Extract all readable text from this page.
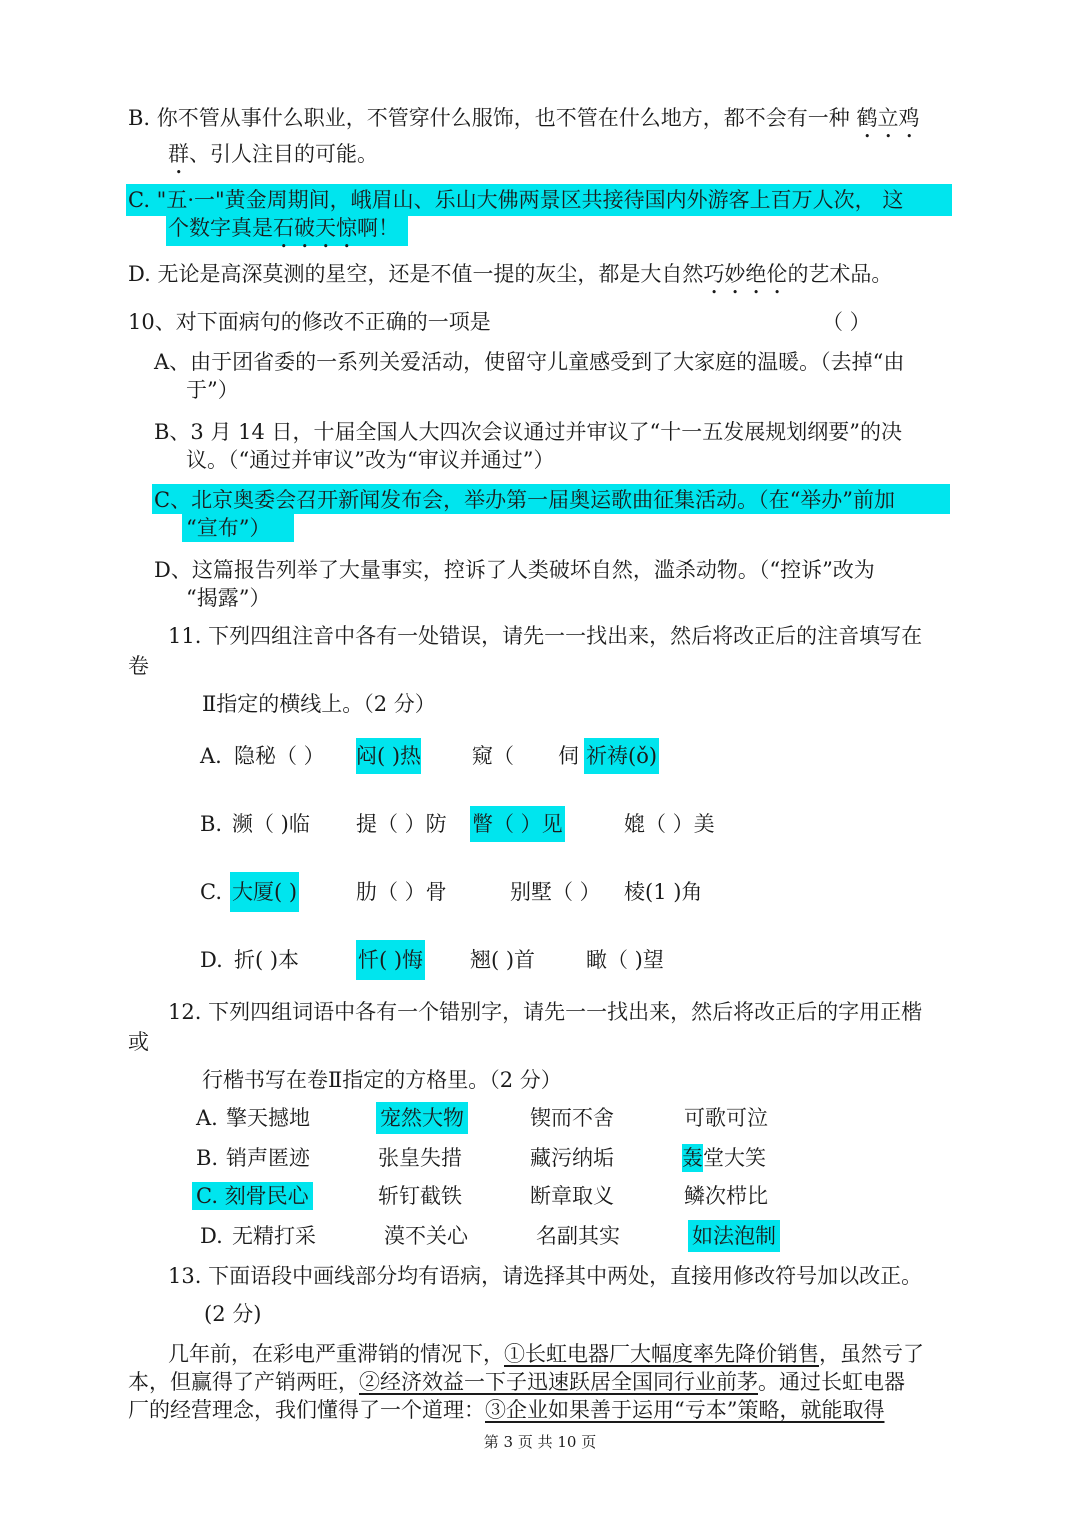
B. 你不管从事什么职业，不管穿什么服饰，也不管在什么地方，都不会有一种 鹤立鸡
群、引人注目的可能。
C. "五·一"黄金周期间，峨眉山、乐山大佛两景区共接待国内外游客上百万人次， 这
个数字真是石破天惊啊！
D. 无论是高深莫测的星空，还是不值一提的灰尘，都是大自然巧妙绝伦的艺术品。
10、对下面病句的修改不正确的一项是	（ ）
A、由于团省委的一系列关爱活动，使留守儿童感受到了大家庭的温暖。（去掉“由
于”）
B、3 月 14 日，十届全国人大四次会议通过并审议了“十一五发展规划纲要”的决
议。（“通过并审议”改为“审议并通过”）
C、北京奥委会召开新闻发布会，举办第一届奥运歌曲征集活动。（在“举办”前加
“宣布”）
D、这篇报告列举了大量事实，控诉了人类破坏自然，滥杀动物。（“控诉”改为
“揭露”）
11. 下列四组注音中各有一处错误，请先一一找出来，然后将改正后的注音填写在
卷
Ⅱ指定的横线上。（2 分）
A. 隐秘（ ） 闷( )热 窥（ 伺 祈祷(ǒ)
B. 濒（ )临 提（ ）防 瞥（ ）见	媲（ ）美
C. 大厦( )	肋（ ）骨	别墅（ ） 棱(1 )角
D. 折( )本	忏( )悔 翘( )首 瞰（ )望
12. 下列四组词语中各有一个错别字，请先一一找出来，然后将改正后的字用正楷
或
行楷书写在卷Ⅱ指定的方格里。（2 分）
A. 擎天撼地	宠然大物	锲而不舍	可歌可泣
B. 销声匿迹	张皇失措	藏污纳垢	轰堂大笑
C. 刻骨民心	斩钉截铁	断章取义	鳞次栉比
D. 无精打采	漠不关心	名副其实	如法泡制
13. 下面语段中画线部分均有语病，请选择其中两处，直接用修改符号加以改正。
(2 分)
几年前，在彩电严重滞销的情况下，①长虹电器厂大幅度率先降价销售，虽然亏了
本，但赢得了产销两旺，②经济效益一下子迅速跃居全国同行业前茅。通过长虹电器
厂的经营理念，我们懂得了一个道理：③企业如果善于运用“亏本”策略，就能取得
第 3 页 共 10 页
